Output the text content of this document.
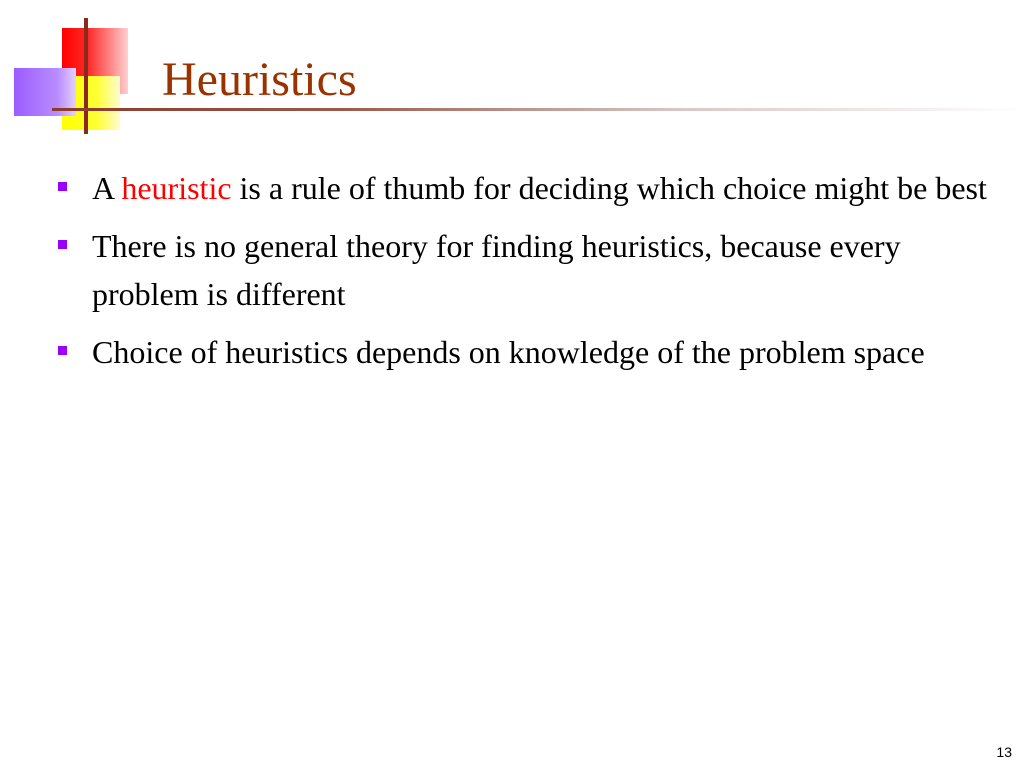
Heuristics
A heuristic is a rule of thumb for deciding which choice might be best
There is no general theory for finding heuristics, because every problem is different
Choice of heuristics depends on knowledge of the problem space
13
